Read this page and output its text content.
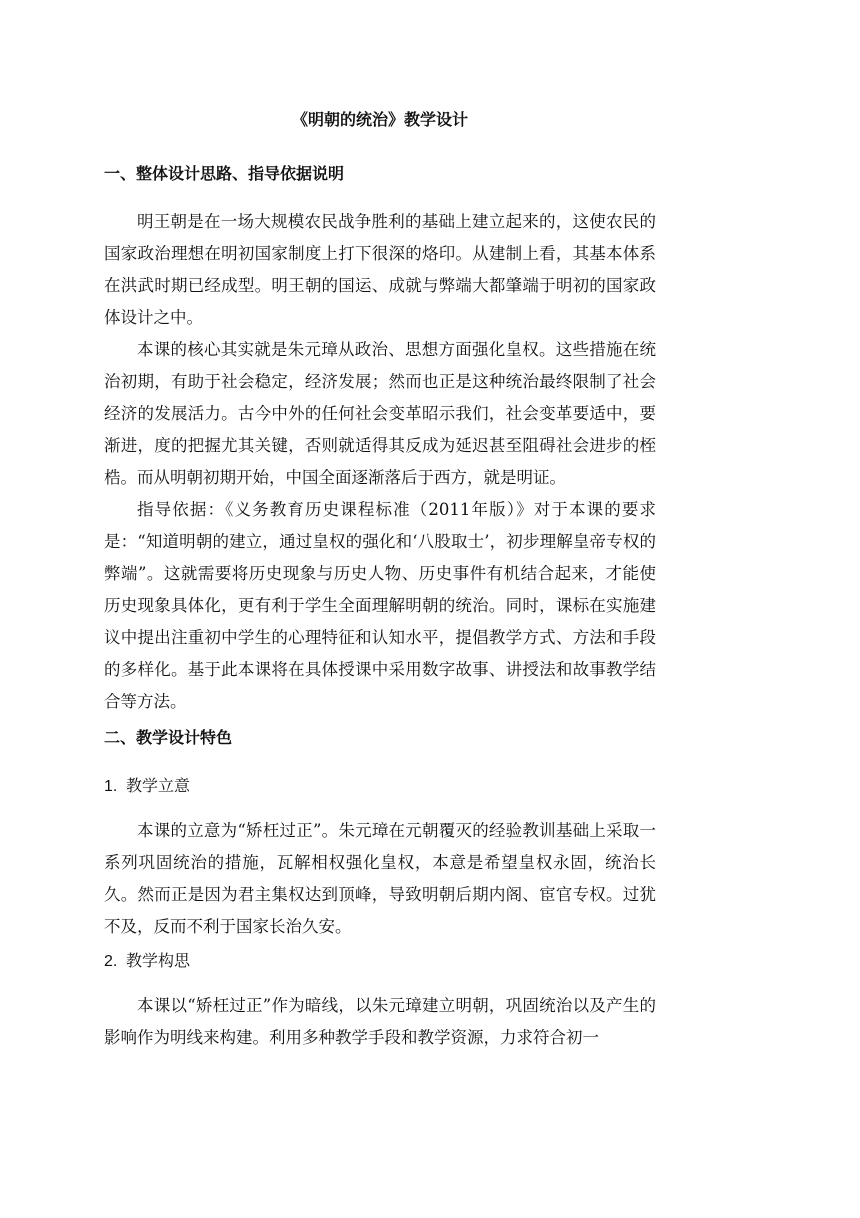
《明朝的统治》教学设计
一、整体设计思路、指导依据说明

明王朝是在一场大规模农民战争胜利的基础上建立起来的，这使农民的国家政治理想在明初国家制度上打下很深的烙印。从建制上看，其基本体系在洪武时期已经成型。明王朝的国运、成就与弊端大都肇端于明初的国家政体设计之中。

本课的核心其实就是朱元璋从政治、思想方面强化皇权。这些措施在统治初期，有助于社会稳定，经济发展；然而也正是这种统治最终限制了社会经济的发展活力。古今中外的任何社会变革昭示我们，社会变革要适中，要渐进，度的把握尤其关键，否则就适得其反成为延迟甚至阻碍社会进步的桎梏。而从明朝初期开始，中国全面逐渐落后于西方，就是明证。

指导依据：《义务教育历史课程标准（2011年版）》对于本课的要求是：“知道明朝的建立，通过皇权的强化和‘八股取士’，初步理解皇帝专权的弊端”。这就需要将历史现象与历史人物、历史事件有机结合起来，才能使历史现象具体化，更有利于学生全面理解明朝的统治。同时，课标在实施建议中提出注重初中学生的心理特征和认知水平，提倡教学方式、方法和手段的多样化。基于此本课将在具体授课中采用数字故事、讲授法和故事教学结合等方法。

二、教学设计特色
1. 教学立意

本课的立意为“矫枉过正”。朱元璋在元朝覆灭的经验教训基础上采取一系列巩固统治的措施，瓦解相权强化皇权，本意是希望皇权永固，统治长久。然而正是因为君主集权达到顶峰，导致明朝后期内阁、宦官专权。过犹不及，反而不利于国家长治久安。

2. 教学构思

本课以“矫枉过正”作为暗线，以朱元璋建立明朝，巩固统治以及产生的影响作为明线来构建。利用多种教学手段和教学资源，力求符合初一
